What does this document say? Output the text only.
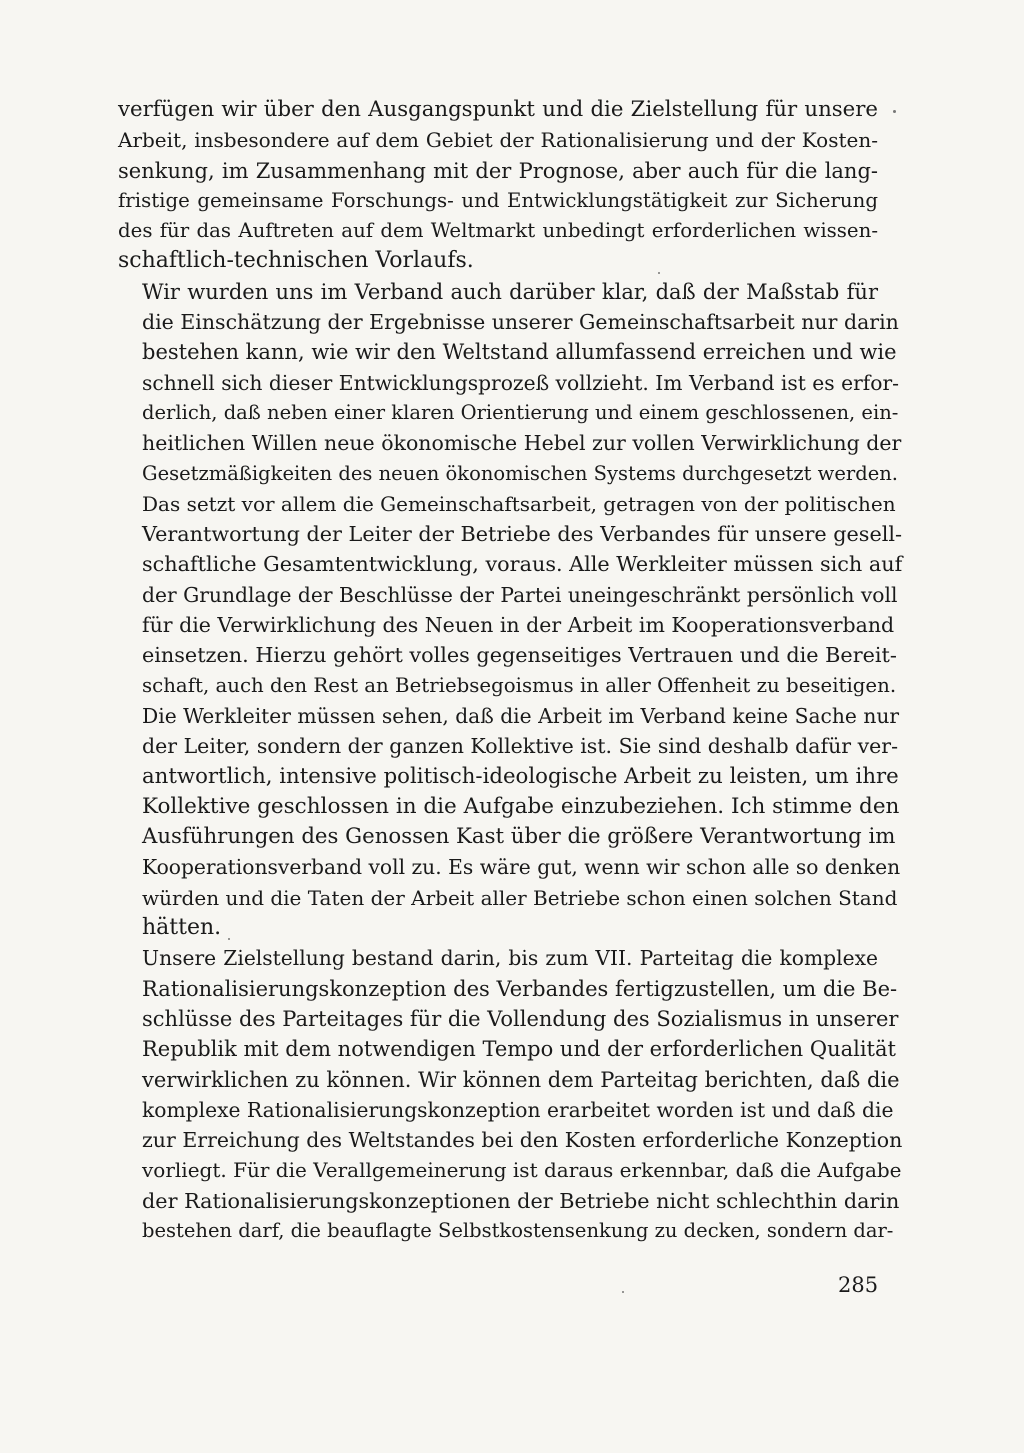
verfügen wir über den Ausgangspunkt und die Zielstellung für unsere
Arbeit, insbesondere auf dem Gebiet der Rationalisierung und der Kosten-
senkung, im Zusammenhang mit der Prognose, aber auch für die lang-
fristige gemeinsame Forschungs- und Entwicklungstätigkeit zur Sicherung
des für das Auftreten auf dem Weltmarkt unbedingt erforderlichen wissen-
schaftlich-technischen Vorlaufs.
Wir wurden uns im Verband auch darüber klar, daß der Maßstab für
die Einschätzung der Ergebnisse unserer Gemeinschaftsarbeit nur darin
bestehen kann, wie wir den Weltstand allumfassend erreichen und wie
schnell sich dieser Entwicklungsprozeß vollzieht. Im Verband ist es erfor-
derlich, daß neben einer klaren Orientierung und einem geschlossenen, ein-
heitlichen Willen neue ökonomische Hebel zur vollen Verwirklichung der
Gesetzmäßigkeiten des neuen ökonomischen Systems durchgesetzt werden.
Das setzt vor allem die Gemeinschaftsarbeit, getragen von der politischen
Verantwortung der Leiter der Betriebe des Verbandes für unsere gesell-
schaftliche Gesamtentwicklung, voraus. Alle Werkleiter müssen sich auf
der Grundlage der Beschlüsse der Partei uneingeschränkt persönlich voll
für die Verwirklichung des Neuen in der Arbeit im Kooperationsverband
einsetzen. Hierzu gehört volles gegenseitiges Vertrauen und die Bereit-
schaft, auch den Rest an Betriebsegoismus in aller Offenheit zu beseitigen.
Die Werkleiter müssen sehen, daß die Arbeit im Verband keine Sache nur
der Leiter, sondern der ganzen Kollektive ist. Sie sind deshalb dafür ver-
antwortlich, intensive politisch-ideologische Arbeit zu leisten, um ihre
Kollektive geschlossen in die Aufgabe einzubeziehen. Ich stimme den
Ausführungen des Genossen Kast über die größere Verantwortung im
Kooperationsverband voll zu. Es wäre gut, wenn wir schon alle so denken
würden und die Taten der Arbeit aller Betriebe schon einen solchen Stand
hätten.
Unsere Zielstellung bestand darin, bis zum VII. Parteitag die komplexe
Rationalisierungskonzeption des Verbandes fertigzustellen, um die Be-
schlüsse des Parteitages für die Vollendung des Sozialismus in unserer
Republik mit dem notwendigen Tempo und der erforderlichen Qualität
verwirklichen zu können. Wir können dem Parteitag berichten, daß die
komplexe Rationalisierungskonzeption erarbeitet worden ist und daß die
zur Erreichung des Weltstandes bei den Kosten erforderliche Konzeption
vorliegt. Für die Verallgemeinerung ist daraus erkennbar, daß die Aufgabe
der Rationalisierungskonzeptionen der Betriebe nicht schlechthin darin
bestehen darf, die beauflagte Selbstkostensenkung zu decken, sondern dar-
285
